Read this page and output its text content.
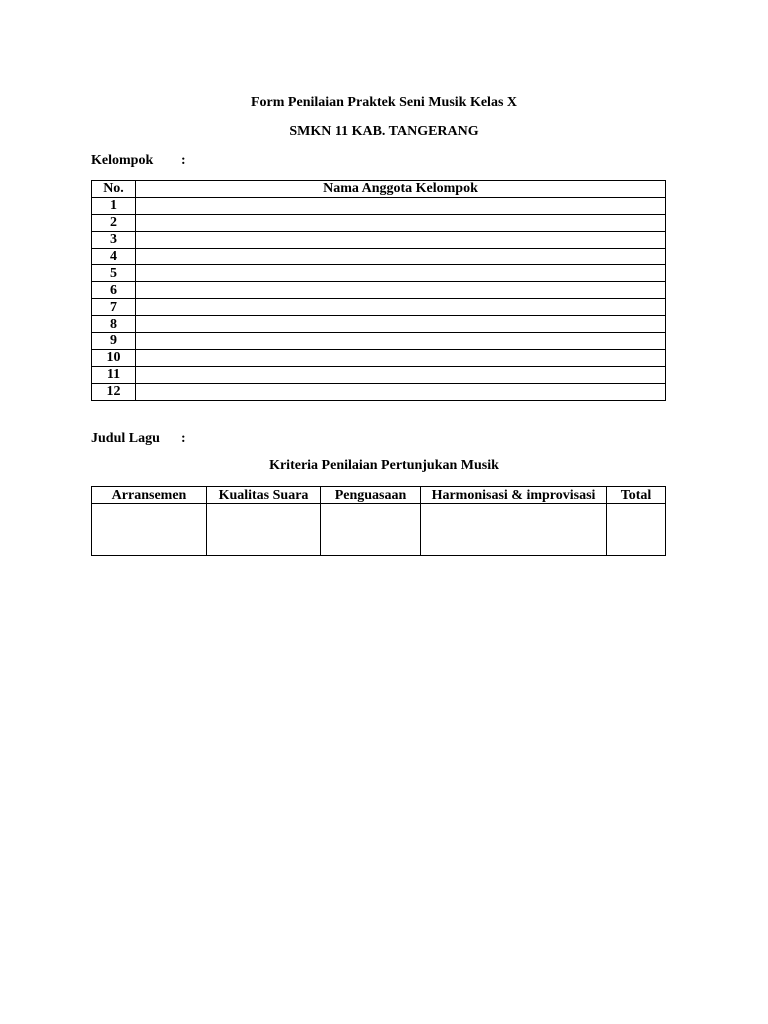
Form Penilaian Praktek Seni Musik Kelas X
SMKN 11 KAB. TANGERANG
Kelompok :
No.	Nama Anggota Kelompok
1	
2	
3	
4	
5	
6	
7	
8	
9	
10	
11	
12	
Judul Lagu :
Kriteria Penilaian Pertunjukan Musik
Arransemen	Kualitas Suara	Penguasaan	Harmonisasi & improvisasi	Total
